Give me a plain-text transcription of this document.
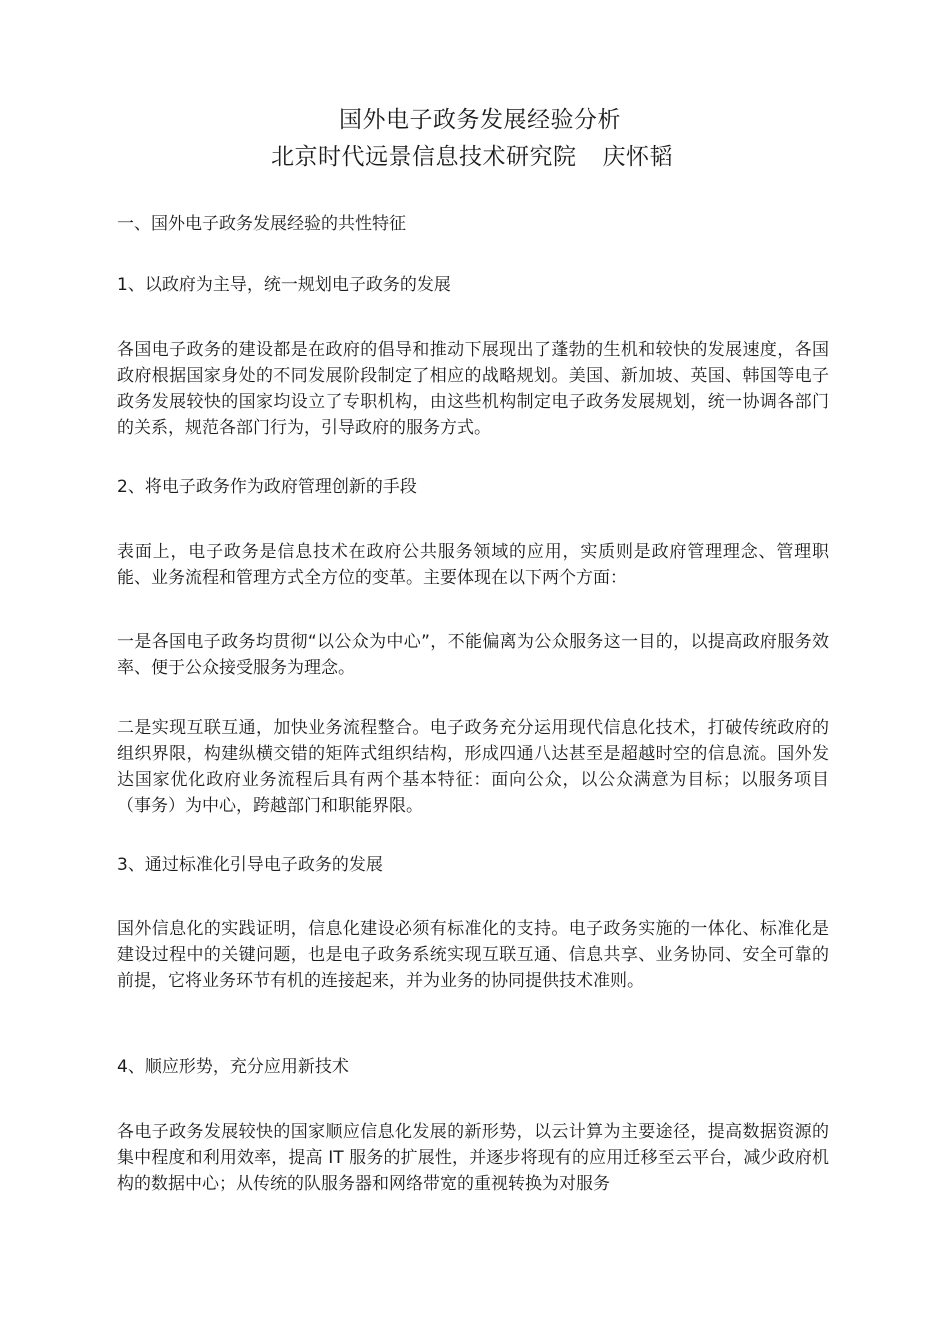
国外电子政务发展经验分析
北京时代远景信息技术研究院 庆怀韬

一、国外电子政务发展经验的共性特征

1、以政府为主导，统一规划电子政务的发展

各国电子政务的建设都是在政府的倡导和推动下展现出了蓬勃的生机和较快的发展速度，各国政府根据国家身处的不同发展阶段制定了相应的战略规划。美国、新加坡、英国、韩国等电子政务发展较快的国家均设立了专职机构，由这些机构制定电子政务发展规划，统一协调各部门的关系，规范各部门行为，引导政府的服务方式。

2、将电子政务作为政府管理创新的手段

表面上，电子政务是信息技术在政府公共服务领域的应用，实质则是政府管理理念、管理职能、业务流程和管理方式全方位的变革。主要体现在以下两个方面：

一是各国电子政务均贯彻“以公众为中心”，不能偏离为公众服务这一目的，以提高政府服务效率、便于公众接受服务为理念。

二是实现互联互通，加快业务流程整合。电子政务充分运用现代信息化技术，打破传统政府的组织界限，构建纵横交错的矩阵式组织结构，形成四通八达甚至是超越时空的信息流。国外发达国家优化政府业务流程后具有两个基本特征：面向公众，以公众满意为目标；以服务项目（事务）为中心，跨越部门和职能界限。

3、通过标准化引导电子政务的发展

国外信息化的实践证明，信息化建设必须有标准化的支持。电子政务实施的一体化、标准化是建设过程中的关键问题，也是电子政务系统实现互联互通、信息共享、业务协同、安全可靠的前提，它将业务环节有机的连接起来，并为业务的协同提供技术准则。

4、顺应形势，充分应用新技术

各电子政务发展较快的国家顺应信息化发展的新形势，以云计算为主要途径，提高数据资源的集中程度和利用效率，提高 IT 服务的扩展性，并逐步将现有的应用迁移至云平台，减少政府机构的数据中心；从传统的队服务器和网络带宽的重视转换为对服务
